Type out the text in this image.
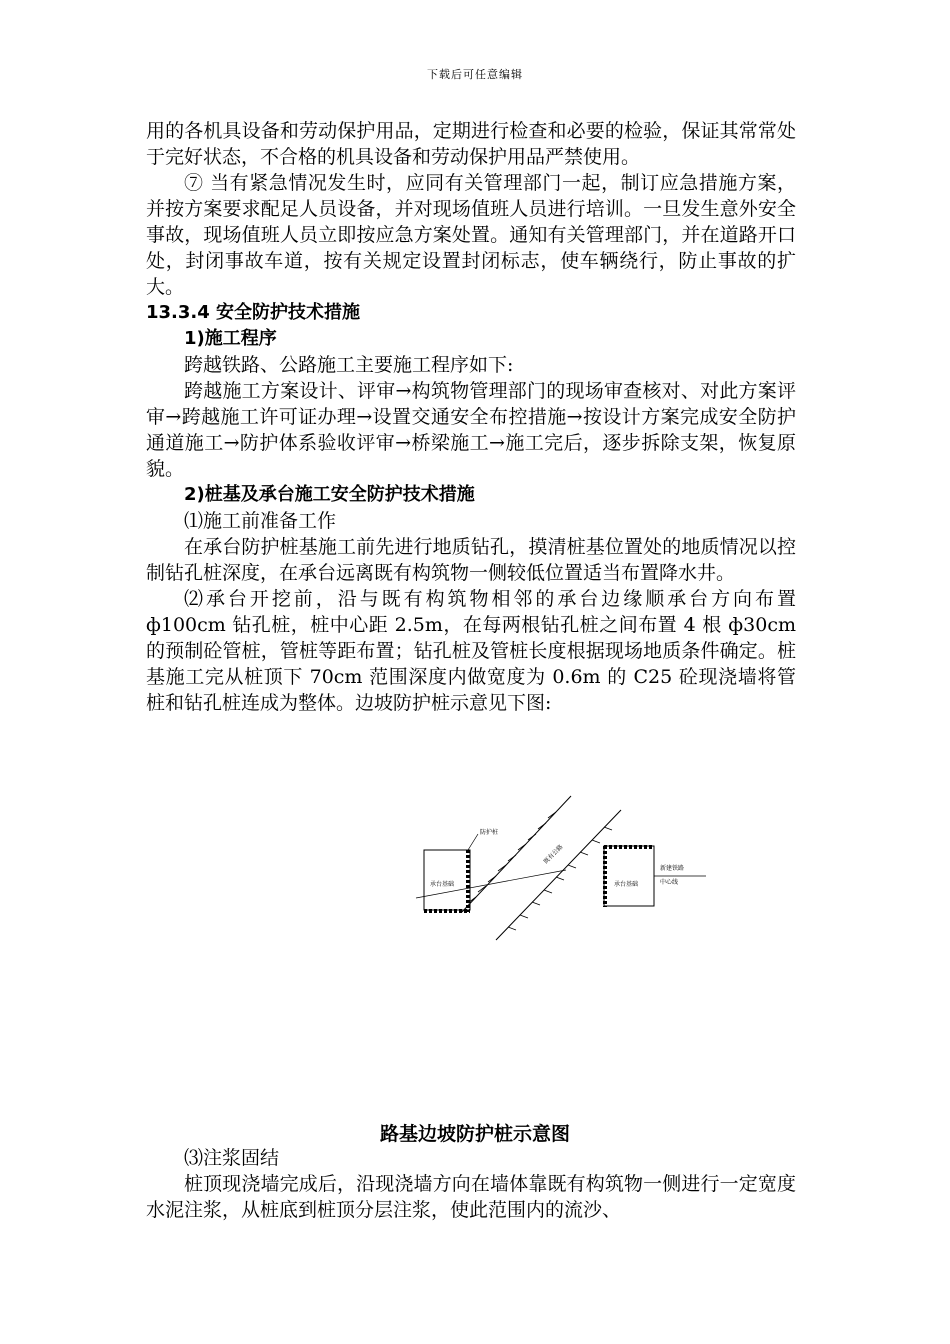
下载后可任意编辑

用的各机具设备和劳动保护用品，定期进行检查和必要的检验，保证其常常处于完好状态，不合格的机具设备和劳动保护用品严禁使用。

⑦ 当有紧急情况发生时，应同有关管理部门一起，制订应急措施方案，并按方案要求配足人员设备，并对现场值班人员进行培训。一旦发生意外安全事故，现场值班人员立即按应急方案处置。通知有关管理部门，并在道路开口处，封闭事故车道，按有关规定设置封闭标志，使车辆绕行，防止事故的扩大。

13.3.4 安全防护技术措施

1)施工程序

跨越铁路、公路施工主要施工程序如下:

跨越施工方案设计、评审→构筑物管理部门的现场审查核对、对此方案评审→跨越施工许可证办理→设置交通安全布控措施→按设计方案完成安全防护通道施工→防护体系验收评审→桥梁施工→施工完后，逐步拆除支架，恢复原貌。

2)桩基及承台施工安全防护技术措施

⑴施工前准备工作

在承台防护桩基施工前先进行地质钻孔，摸清桩基位置处的地质情况以控制钻孔桩深度，在承台远离既有构筑物一侧较低位置适当布置降水井。

⑵承台开挖前，沿与既有构筑物相邻的承台边缘顺承台方向布置 ф100cm 钻孔桩，桩中心距 2.5m，在每两根钻孔桩之间布置 4 根 ф30cm 的预制砼管桩，管桩等距布置；钻孔桩及管桩长度根据现场地质条件确定。桩基施工完从桩顶下 70cm 范围深度内做宽度为 0.6m 的 C25 砼现浇墙将管桩和钻孔桩连成为整体。边坡防护桩示意见下图:

防护桩
既有公路
承台基础	承台基础
新建铁路
中心线
路基边坡防护桩示意图

⑶注浆固结

桩顶现浇墙完成后，沿现浇墙方向在墙体靠既有构筑物一侧进行一定宽度水泥注浆，从桩底到桩顶分层注浆，使此范围内的流沙、
